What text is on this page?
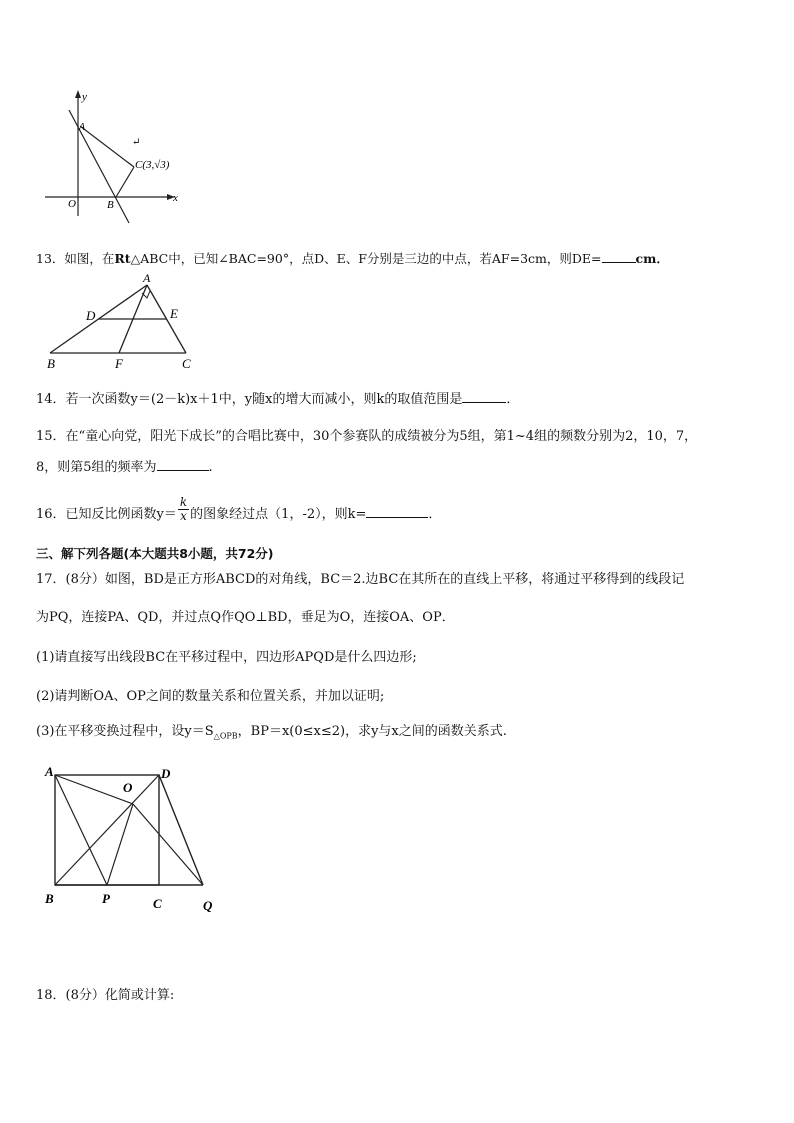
y
A
C(3,√3)
↵
O	B
x
13．如图，在Rt△ABC中，已知∠BAC=90°，点D、E、F分别是三边的中点，若AF=3cm，则DE=	cm．
A
D	E
B	F	C
14．若一次函数y＝(2－k)x＋1中，y随x的增大而减小，则k的取值范围是	．
15．在“童心向党，阳光下成长”的合唱比赛中，30个参赛队的成绩被分为5组，第1~4组的频数分别为2，10，7，
8，则第5组的频率为	.
16．已知反比例函数$y= \frac{k}{x}$ 的图象经过点（1，-2），则k=	．
三、解下列各题(本大题共8小题，共72分)
17．(8分）如图，BD是正方形ABCD的对角线，BC＝2.边BC在其所在的直线上平移，将通过平移得到的线段记
为PQ，连接PA、QD，并过点Q作QO⊥BD，垂足为O，连接OA、OP．
(1)请直接写出线段BC在平移过程中，四边形APQD是什么四边形;
(2)请判断OA、OP之间的数量关系和位置关系，并加以证明;
(3)在平移变换过程中，设$y=S_{\triangle OPB}$，BP＝x(0≤x≤2)，求y与x之间的函数关系式.
A	D
O
B	P	C	Q
18．(8分）化简或计算:
